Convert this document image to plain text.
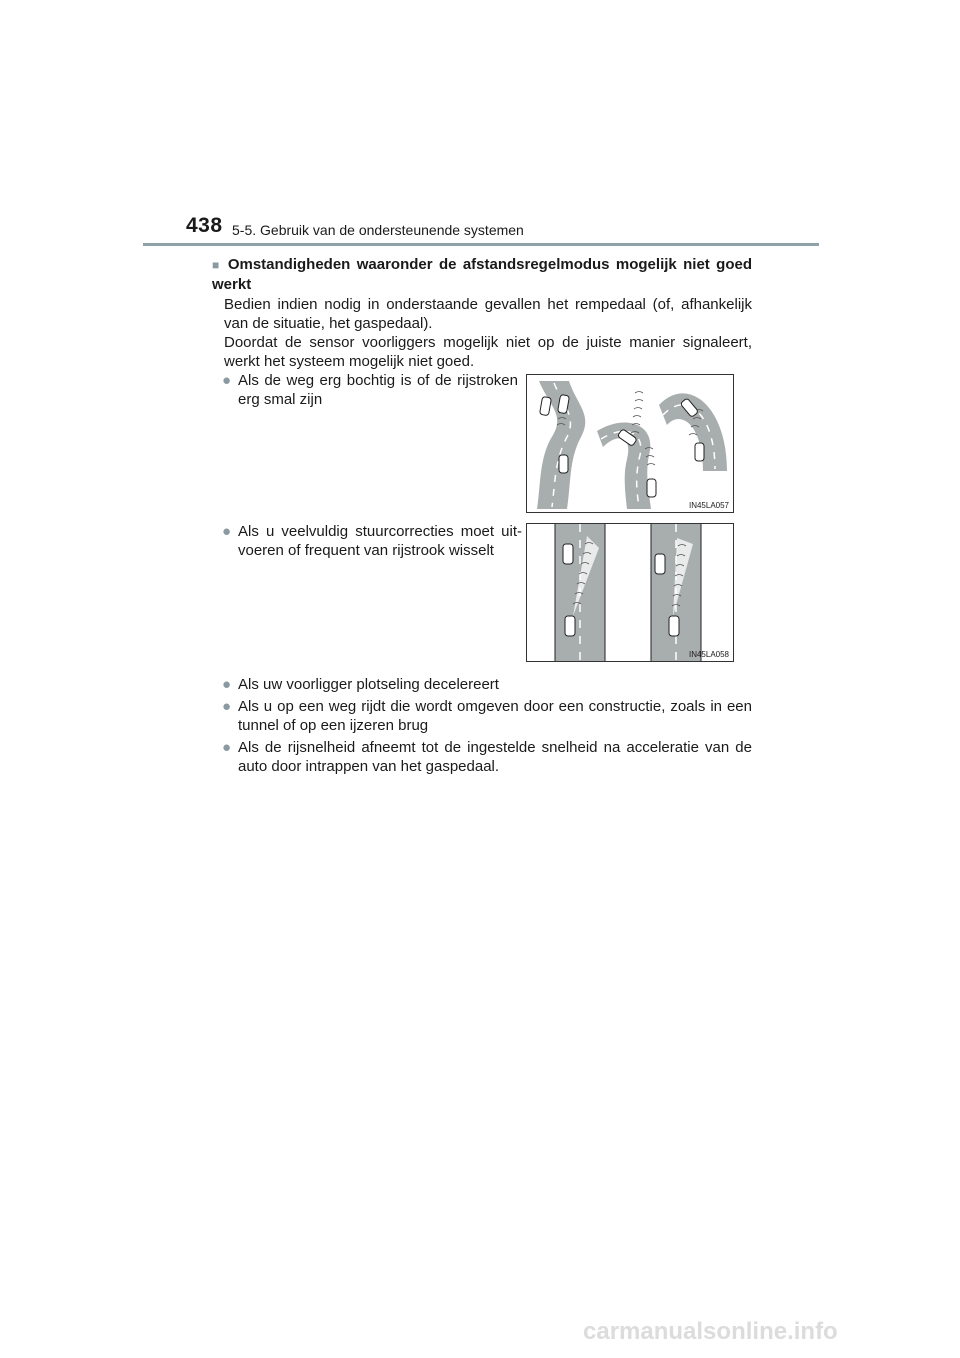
438 5-5. Gebruik van de ondersteunende systemen
■ Omstandigheden waaronder de afstandsregelmodus mogelijk niet goed werkt
Bedien indien nodig in onderstaande gevallen het rempedaal (of, afhankelijk van de situatie, het gaspedaal).
Doordat de sensor voorliggers mogelijk niet op de juiste manier signaleert, werkt het systeem mogelijk niet goed.
● Als de weg erg bochtig is of de rijstroken erg smal zijn
IN45LA057
● Als u veelvuldig stuurcorrecties moet uit-voeren of frequent van rijstrook wisselt
IN45LA058
● Als uw voorligger plotseling decelereert
● Als u op een weg rijdt die wordt omgeven door een constructie, zoals in een tunnel of op een ijzeren brug
● Als de rijsnelheid afneemt tot de ingestelde snelheid na acceleratie van de auto door intrappen van het gaspedaal.
carmanualsonline.info
